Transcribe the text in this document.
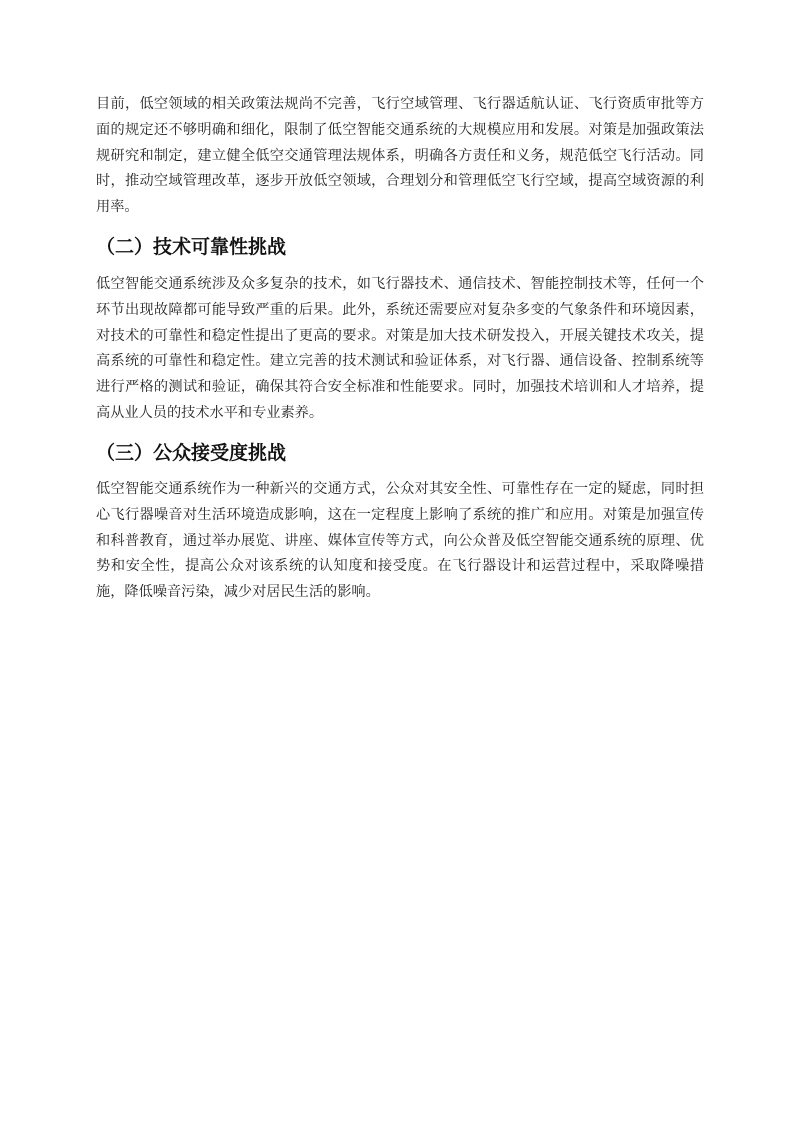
目前，低空领域的相关政策法规尚不完善，飞行空域管理、飞行器适航认证、飞行资质审批等方面的规定还不够明确和细化，限制了低空智能交通系统的大规模应用和发展。对策是加强政策法规研究和制定，建立健全低空交通管理法规体系，明确各方责任和义务，规范低空飞行活动。同时，推动空域管理改革，逐步开放低空领域，合理划分和管理低空飞行空域，提高空域资源的利用率。

（二）技术可靠性挑战

低空智能交通系统涉及众多复杂的技术，如飞行器技术、通信技术、智能控制技术等，任何一个环节出现故障都可能导致严重的后果。此外，系统还需要应对复杂多变的气象条件和环境因素，对技术的可靠性和稳定性提出了更高的要求。对策是加大技术研发投入，开展关键技术攻关，提高系统的可靠性和稳定性。建立完善的技术测试和验证体系，对飞行器、通信设备、控制系统等进行严格的测试和验证，确保其符合安全标准和性能要求。同时，加强技术培训和人才培养，提高从业人员的技术水平和专业素养。

（三）公众接受度挑战

低空智能交通系统作为一种新兴的交通方式，公众对其安全性、可靠性存在一定的疑虑，同时担心飞行器噪音对生活环境造成影响，这在一定程度上影响了系统的推广和应用。对策是加强宣传和科普教育，通过举办展览、讲座、媒体宣传等方式，向公众普及低空智能交通系统的原理、优势和安全性，提高公众对该系统的认知度和接受度。在飞行器设计和运营过程中，采取降噪措施，降低噪音污染，减少对居民生活的影响。
